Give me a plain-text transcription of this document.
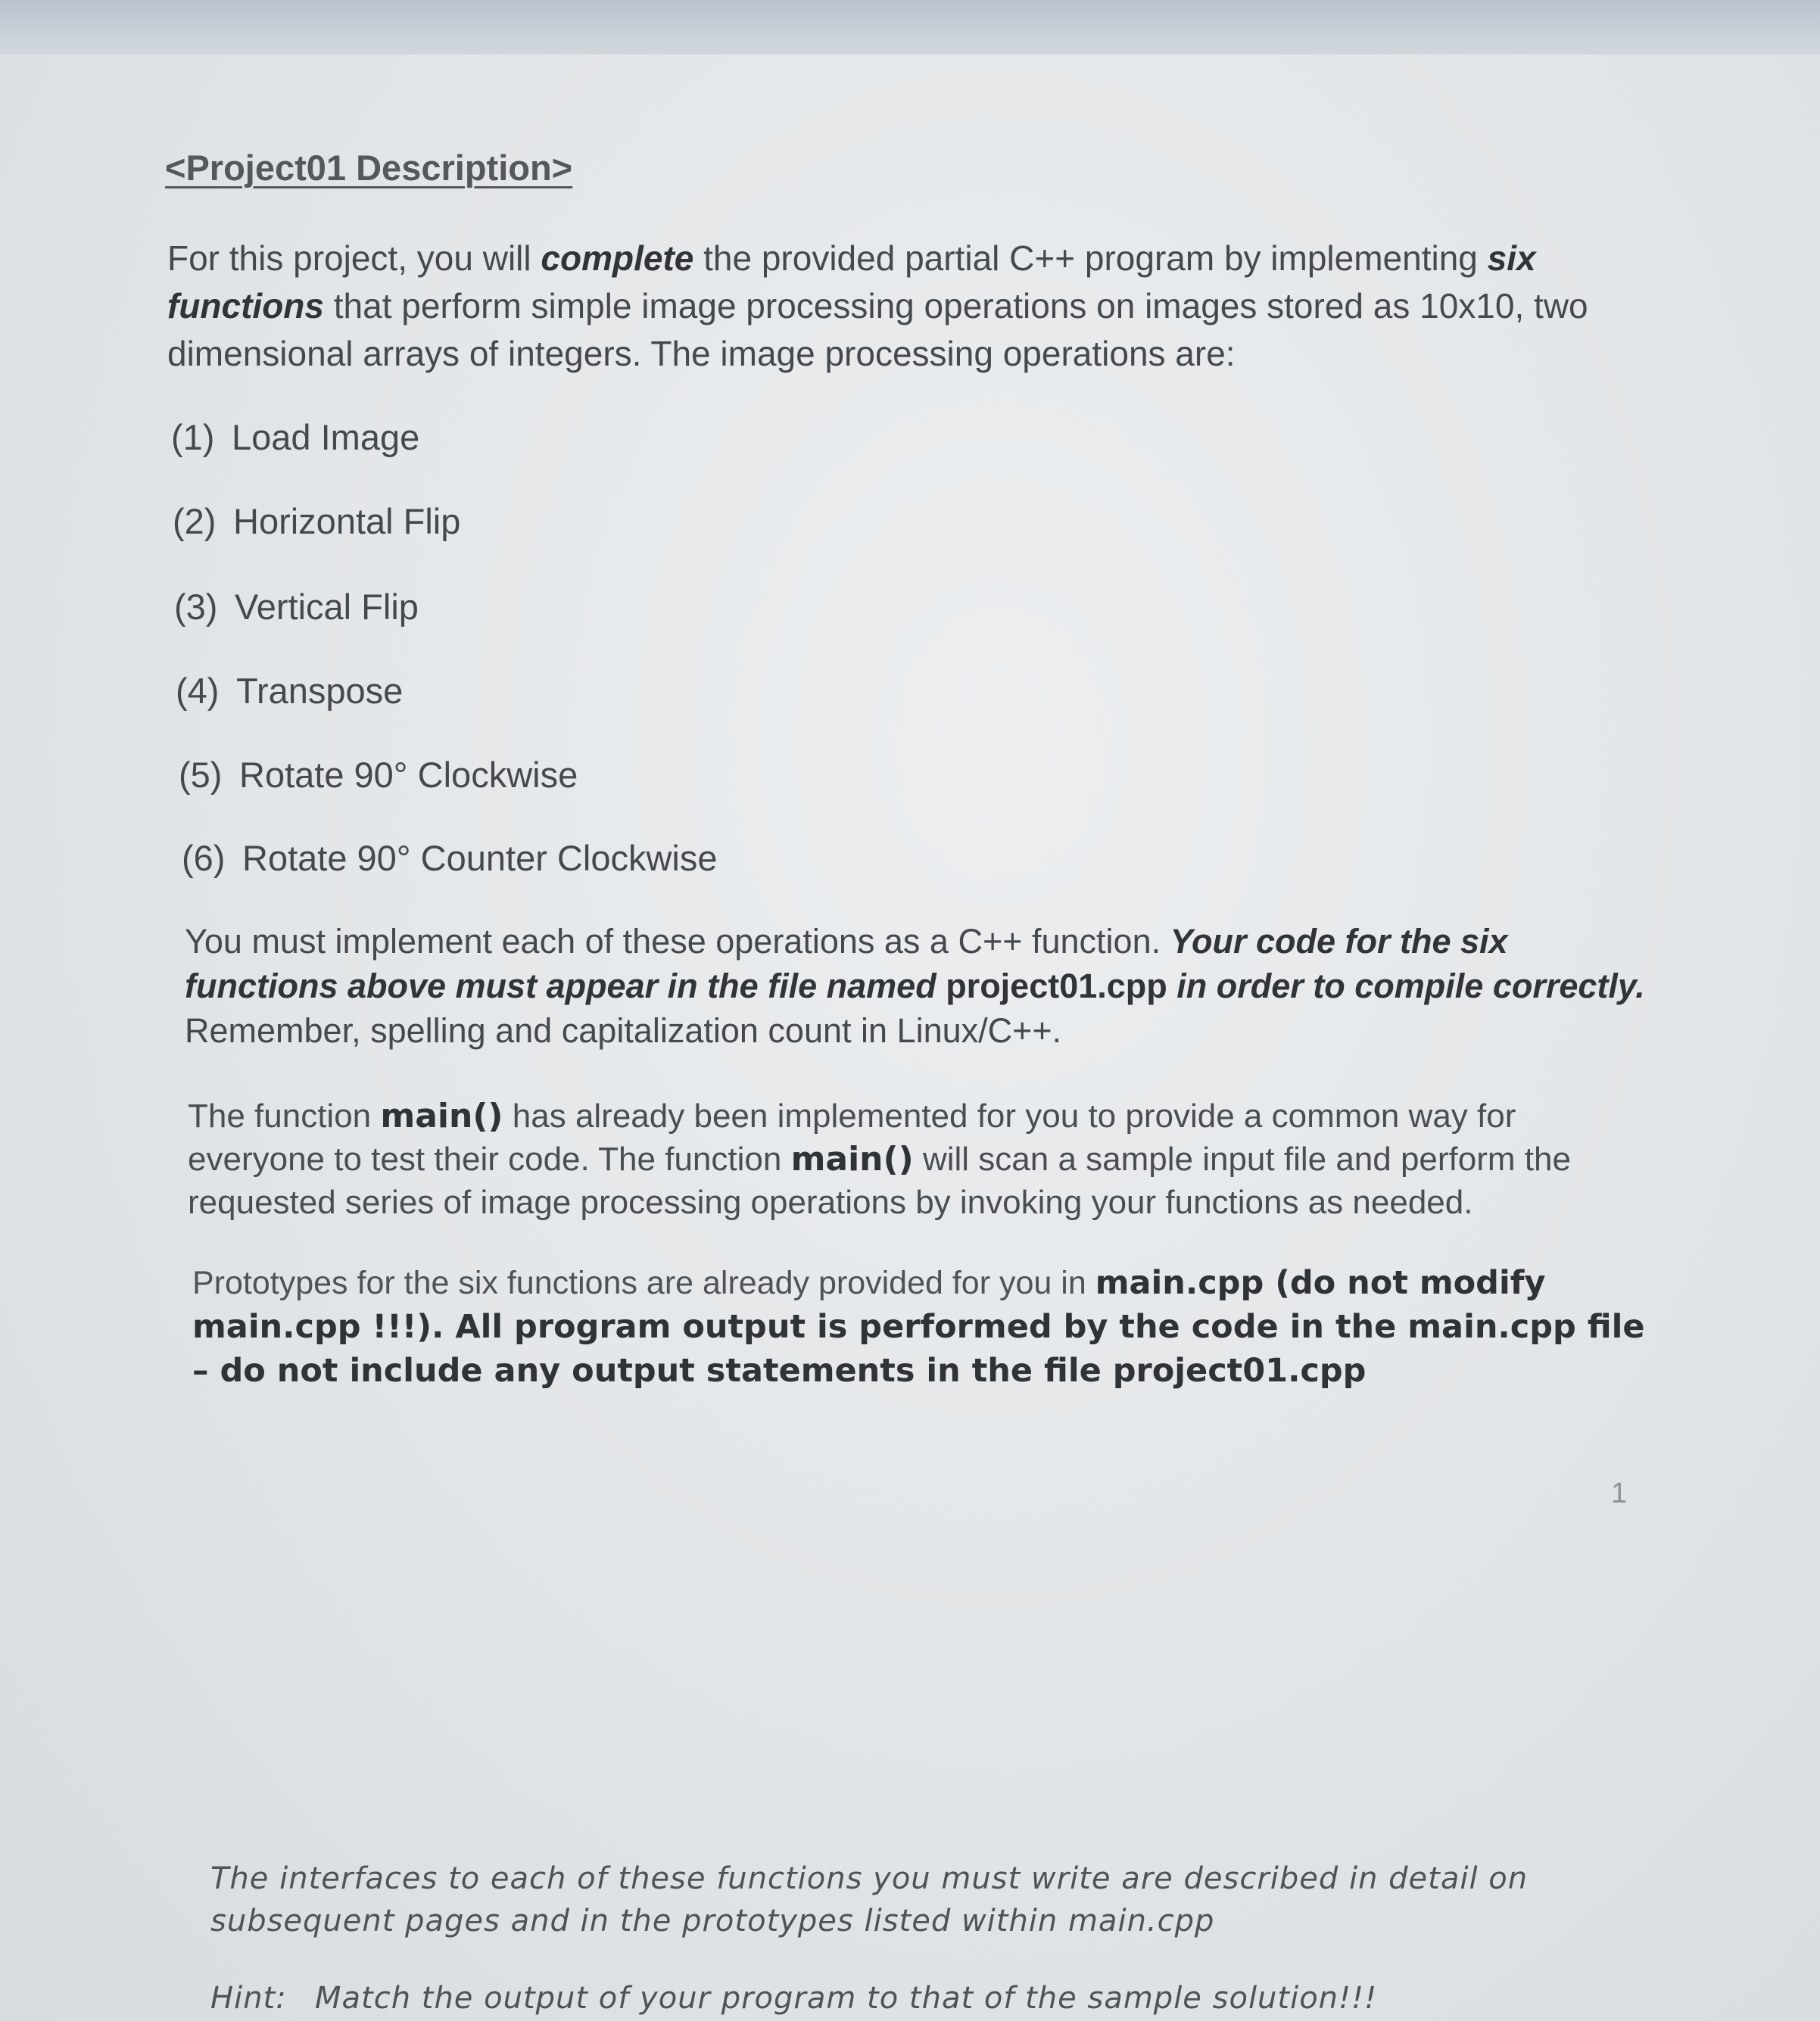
<Project01 Description>
For this project, you will complete the provided partial C++ program by implementing six functions that perform simple image processing operations on images stored as 10x10, two dimensional arrays of integers. The image processing operations are:
(1) Load Image
(2) Horizontal Flip
(3) Vertical Flip
(4) Transpose
(5) Rotate 90° Clockwise
(6) Rotate 90° Counter Clockwise
You must implement each of these operations as a C++ function. Your code for the six functions above must appear in the file named project01.cpp in order to compile correctly. Remember, spelling and capitalization count in Linux/C++.
The function main() has already been implemented for you to provide a common way for everyone to test their code. The function main() will scan a sample input file and perform the requested series of image processing operations by invoking your functions as needed.
Prototypes for the six functions are already provided for you in main.cpp (do not modify main.cpp !!!). All program output is performed by the code in the main.cpp file – do not include any output statements in the file project01.cpp
1
The interfaces to each of these functions you must write are described in detail on subsequent pages and in the prototypes listed within main.cpp
Hint: Match the output of your program to that of the sample solution!!!
